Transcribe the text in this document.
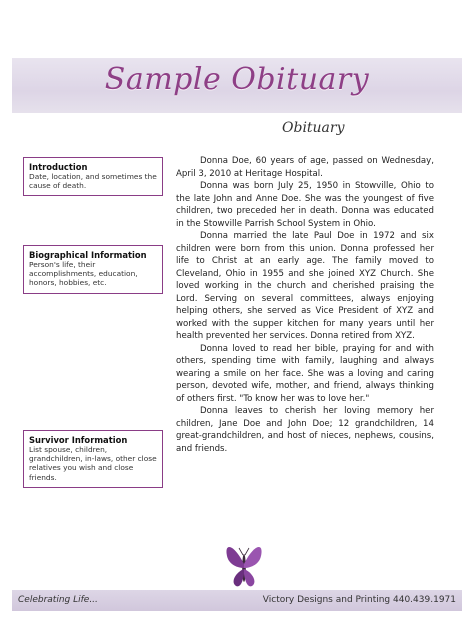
Sample Obituary
Obituary
Introduction
Date, location, and sometimes the cause of death.
Biographical Information
Person's life, their accomplishments, education, honors, hobbies, etc.
Survivor Information
List spouse, children, grandchildren, in-laws, other close relatives you wish and close friends.

Donna Doe, 60 years of age, passed on Wednesday, April 3, 2010 at Heritage Hospital.

Donna was born July 25, 1950 in Stowville, Ohio to the late John and Anne Doe. She was the youngest of five children, two preceded her in death. Donna was educated in the Stowville Parrish School System in Ohio.

Donna married the late Paul Doe in 1972 and six children were born from this union. Donna professed her life to Christ at an early age. The family moved to Cleveland, Ohio in 1955 and she joined XYZ Church. She loved working in the church and cherished praising the Lord. Serving on several committees, always enjoying helping others, she served as Vice President of XYZ and worked with the supper kitchen for many years until her health prevented her services. Donna retired from XYZ.

Donna loved to read her bible, praying for and with others, spending time with family, laughing and always wearing a smile on her face. She was a loving and caring person, devoted wife, mother, and friend, always thinking of others first. "To know her was to love her."

Donna leaves to cherish her loving memory her children, Jane Doe and John Doe; 12 grandchildren, 14 great-grandchildren, and host of nieces, nephews, cousins, and friends.

Celebrating Life...	Victory Designs and Printing 440.439.1971
